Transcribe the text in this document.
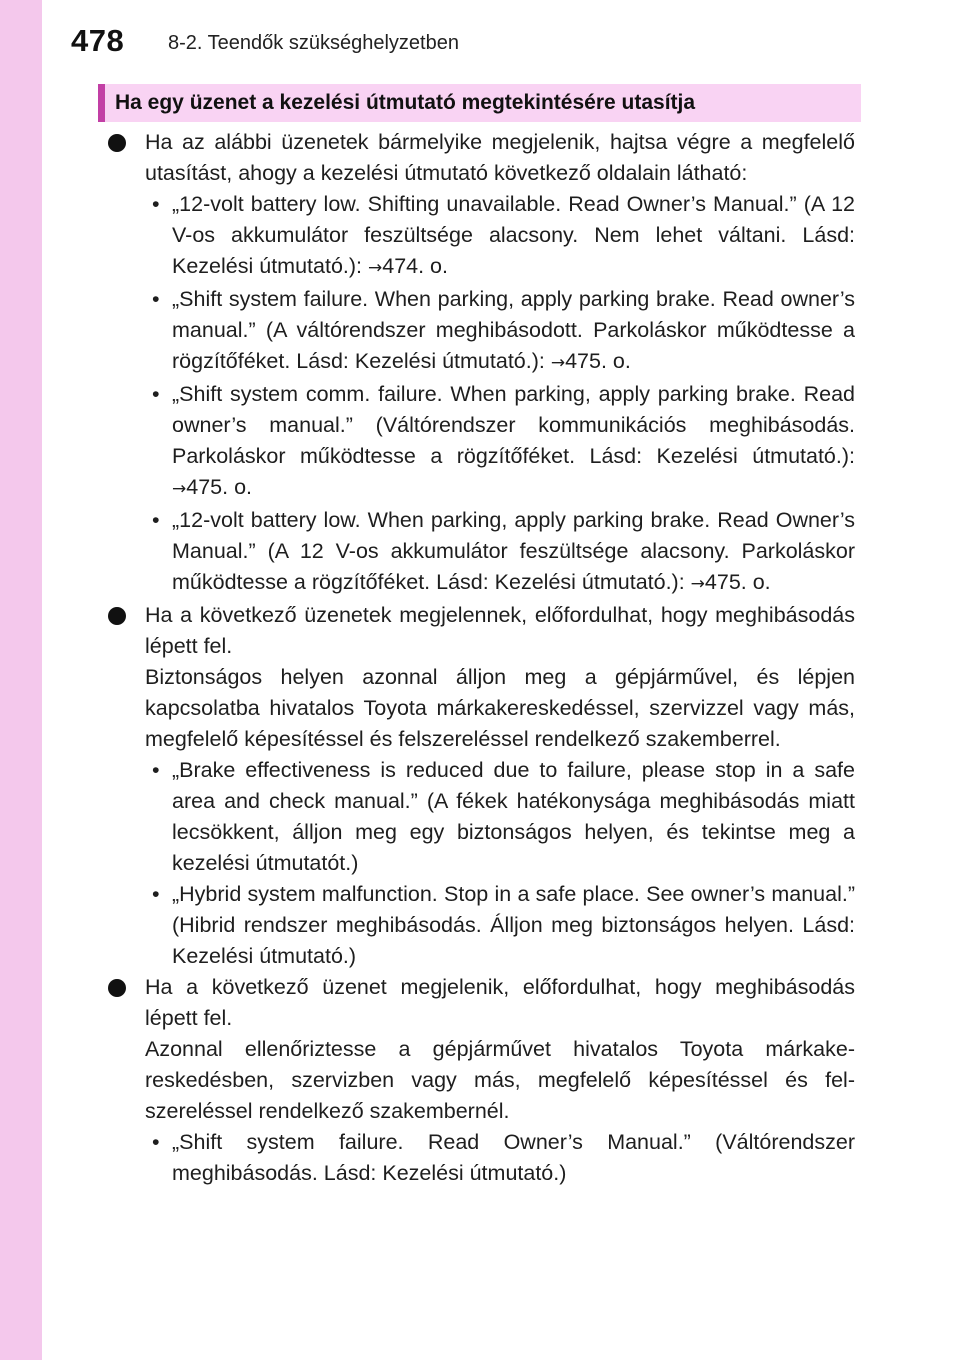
478 8-2. Teendők szükséghelyzetben
Ha egy üzenet a kezelési útmutató megtekintésére utasítja

Ha az alábbi üzenetek bármelyike megjelenik, hajtsa végre a megfelelő utasítást, ahogy a kezelési útmutató következő oldalain látható:

• „12-volt battery low. Shifting unavailable. Read Owner’s Manual.” (A 12 V-os akkumulátor feszültsége alacsony. Nem lehet váltani. Lásd: Kezelési útmutató.): →474. o.
• „Shift system failure. When parking, apply parking brake. Read owner’s manual.” (A váltórendszer meghibásodott. Parkoláskor működtesse a rögzítőféket. Lásd: Kezelési útmutató.): →475. o.
• „Shift system comm. failure. When parking, apply parking brake. Read owner’s manual.” (Váltórendszer kommunikációs meghibásodás. Parkoláskor működtesse a rögzítőféket. Lásd: Kezelési útmutató.): →475. o.
• „12-volt battery low. When parking, apply parking brake. Read Owner’s Manual.” (A 12 V-os akkumulátor feszültsége alacsony. Parkoláskor működtesse a rögzítőféket. Lásd: Kezelési útmutató.): →475. o.

Ha a következő üzenetek megjelennek, előfordulhat, hogy meghibásodás lépett fel.

Biztonságos helyen azonnal álljon meg a gépjárművel, és lépjen kapcsolatba hivatalos Toyota márkakereskedéssel, szervizzel vagy más, megfelelő képesítéssel és felszereléssel rendelkező szakemberrel.

• „Brake effectiveness is reduced due to failure, please stop in a safe area and check manual.” (A fékek hatékonysága meghibásodás miatt lecsökkent, álljon meg egy biztonságos helyen, és tekintse meg a kezelési útmutatót.)
• „Hybrid system malfunction. Stop in a safe place. See owner’s manual.” (Hibrid rendszer meghibásodás. Álljon meg biztonságos helyen. Lásd: Kezelési útmutató.)

Ha a következő üzenet megjelenik, előfordulhat, hogy meghibásodás lépett fel.

Azonnal ellenőriztesse a gépjárművet hivatalos Toyota márkakereskedésben, szervizben vagy más, megfelelő képesítéssel és felszereléssel rendelkező szakembernél.

• „Shift system failure. Read Owner’s Manual.” (Váltórendszer meghibásodás. Lásd: Kezelési útmutató.)
